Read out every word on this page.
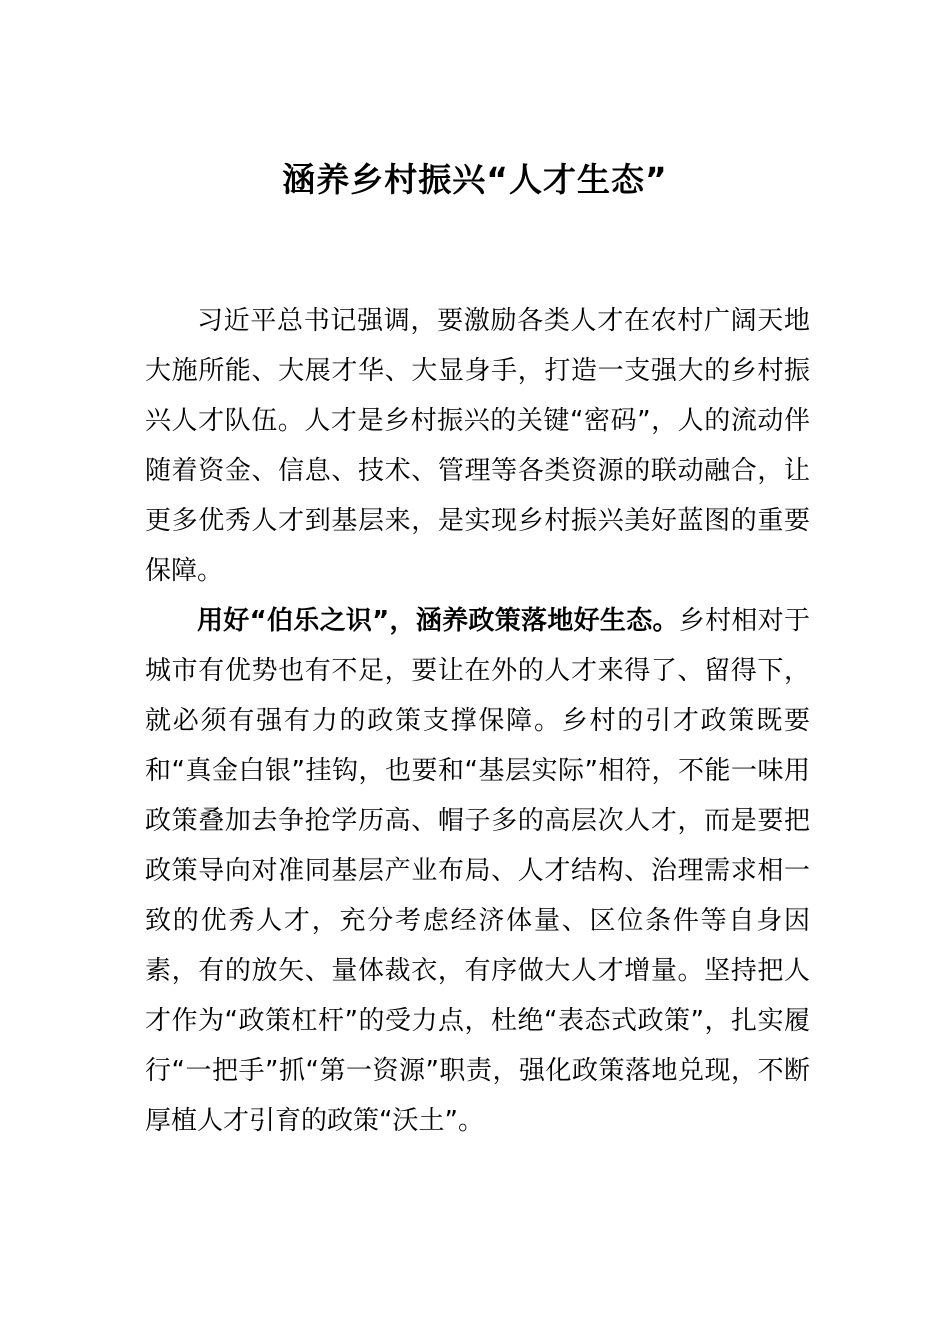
涵养乡村振兴“人才生态”

习近平总书记强调，要激励各类人才在农村广阔天地大施所能、大展才华、大显身手，打造一支强大的乡村振兴人才队伍。人才是乡村振兴的关键“密码”，人的流动伴随着资金、信息、技术、管理等各类资源的联动融合，让更多优秀人才到基层来，是实现乡村振兴美好蓝图的重要保障。

用好“伯乐之识”，涵养政策落地好生态。乡村相对于城市有优势也有不足，要让在外的人才来得了、留得下，就必须有强有力的政策支撑保障。乡村的引才政策既要和“真金白银”挂钩，也要和“基层实际”相符，不能一味用政策叠加去争抢学历高、帽子多的高层次人才，而是要把政策导向对准同基层产业布局、人才结构、治理需求相一致的优秀人才，充分考虑经济体量、区位条件等自身因素，有的放矢、量体裁衣，有序做大人才增量。坚持把人才作为“政策杠杆”的受力点，杜绝“表态式政策”，扎实履行“一把手”抓“第一资源”职责，强化政策落地兑现，不断厚植人才引育的政策“沃土”。
